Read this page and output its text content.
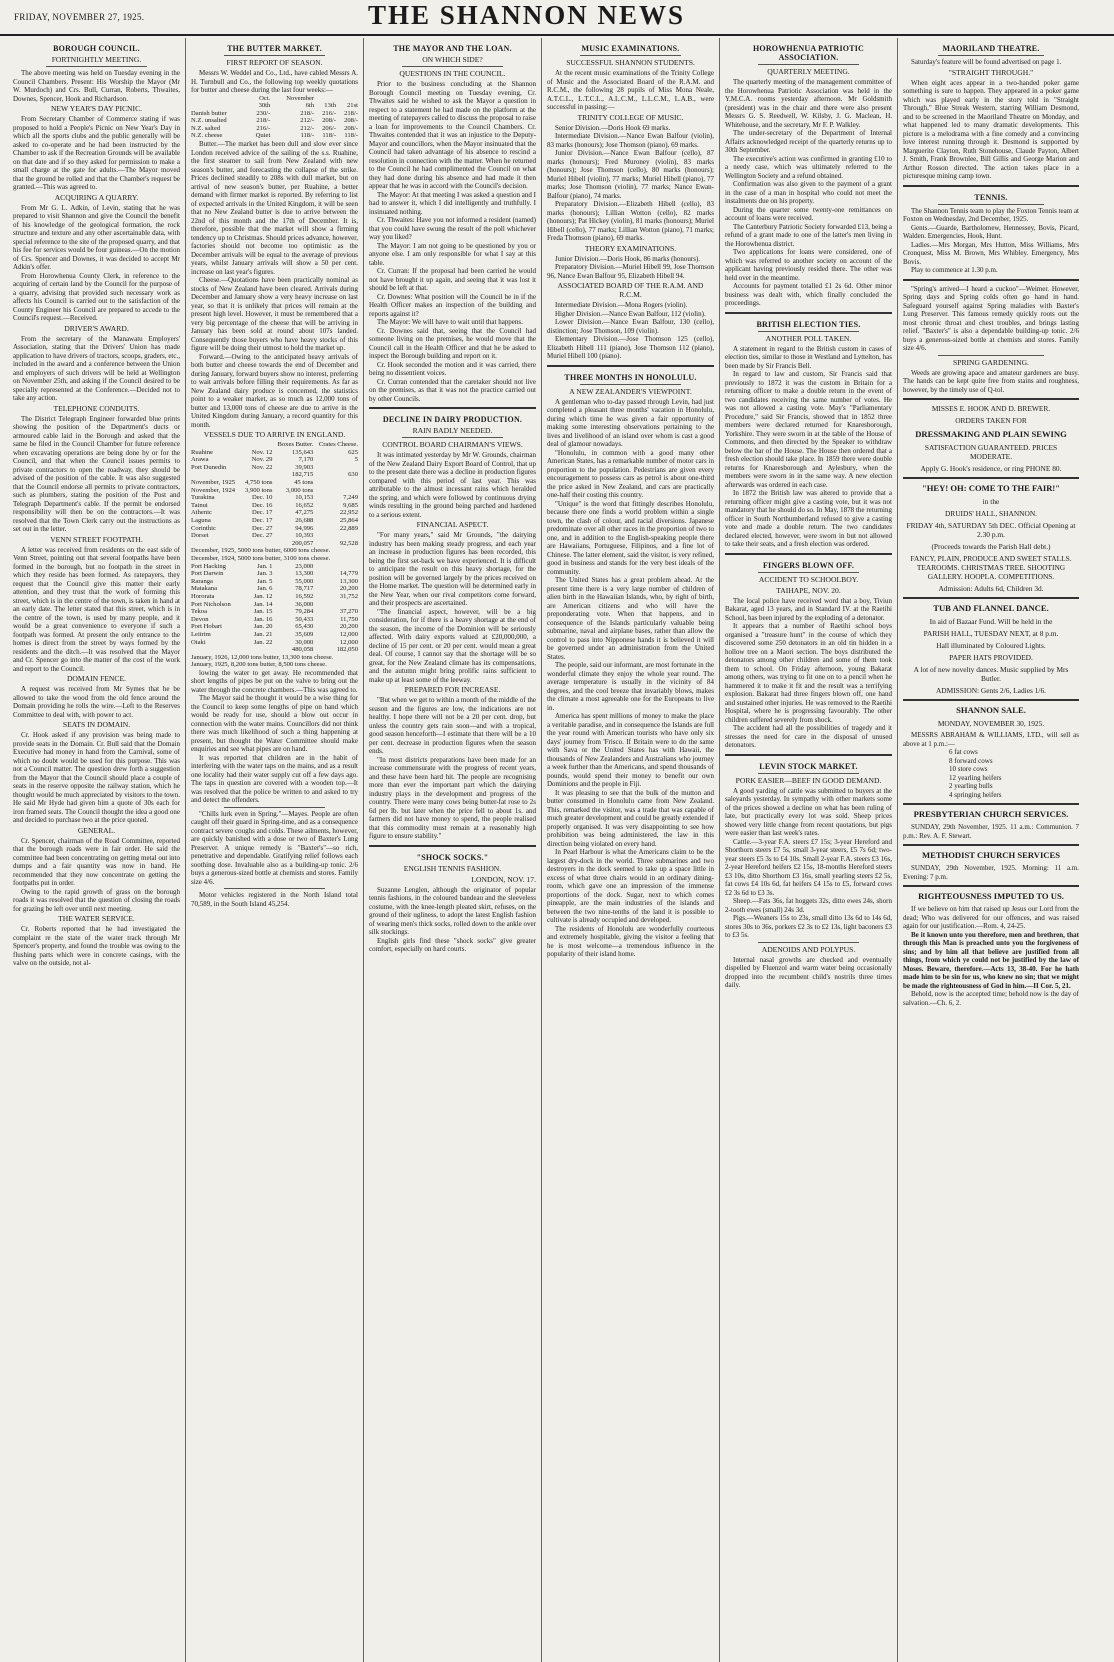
FRIDAY, NOVEMBER 27, 1925.	THE SHANNON NEWS
BOROUGH COUNCIL.
FORTNIGHTLY MEETING.

The above meeting was held on Tuesday evening in the Council Chambers. Present: His Worship the Mayor (Mr W. Murdoch) and Crs. Bull, Curran, Roberts, Thwaites, Downes, Spencer, Hook and Richardson.

NEW YEAR'S DAY PICNIC.

From Secretary Chamber of Commerce stating if was proposed to hold a People's Picnic on New Year's Day in which all the sports clubs and the public generally will be asked to co-operate and he had been instructed by the Chamber to ask if the Recreation Grounds will be available on that date and if so they asked for permission to make a small charge at the gate for adults.—The Mayor moved that the ground be rolled and that the Chamber's request be granted.—This was agreed to.

ACQUIRING A QUARRY.

From Mr G. L. Adkin, of Levin, stating that he was prepared to visit Shannon and give the Council the benefit of his knowledge of the geological formation, the rock structure and texture and any other ascertainable data, with special reference to the site of the proposed quarry, and that his fee for services would be four guineas.—On the motion of Crs. Spencer and Downes, it was decided to accept Mr Adkin's offer.

From Horowhenua County Clerk, in reference to the acquiring of certain land by the Council for the purpose of a quarry, advising that provided such necessary work as affects his Council is carried out to the satisfaction of the County Engineer his Council are prepared to accede to the Council's request.—Received.

DRIVER'S AWARD.

From the secretary of the Manawatu Employers' Association, stating that the Drivers' Union has made application to have drivers of tractors, scoops, graders, etc., included in the award and a conference between the Union and employers of such drivers will be held at Wellington on November 25th, and asking if the Council desired to be specially represented at the Conference.—Decided not to take any action.

TELEPHONE CONDUITS.

The District Telegraph Engineer forwarded blue prints showing the position of the Department's ducts or armoured cable laid in the Borough and asked that the same be filed in the Council Chamber for future reference when excavating operations are being done by or for the Council, and that when the Council issues permits to private contractors to open the roadway, they should be advised of the position of the cable. It was also suggested that the Council endorse all permits to private contractors, such as plumbers, stating the position of the Post and Telegraph Department's cable. If the permit be endorsed responsibility will then be on the contractors.—It was resolved that the Town Clerk carry out the instructions as set out in the letter.

VENN STREET FOOTPATH.

A letter was received from residents on the east side of Venn Street, pointing out that several footpaths have been formed in the borough, but no footpath in the street in which they reside has been formed. As ratepayers, they request that the Council give this matter their early attention, and they trust that the work of forming this street, which is in the centre of the town, is taken in hand at an early date. The letter stated that this street, which is in the centre of the town, is used by many people, and it would be a great convenience to everyone if such a footpath was formed. At present the only entrance to the homes is direct from the street by ways formed by the residents and the ditch.—It was resolved that the Mayor and Cr. Spencer go into the matter of the cost of the work and report to the Council.

DOMAIN FENCE.

A request was received from Mr Symes that he be allowed to take the wood from the old fence around the Domain providing he rolls the wire.—Left to the Reserves Committee to deal with, with power to act.

SEATS IN DOMAIN.

Cr. Hook asked if any provision was being made to provide seats in the Domain. Cr. Bull said that the Domain Executive had money in hand from the Carnival, some of which no doubt would be used for this purpose. This was not a Council matter. The question drew forth a suggestion from the Mayor that the Council should place a couple of seats in the reserve opposite the railway station, which he thought would be much appreciated by visitors to the town. He said Mr Hyde had given him a quote of 30s each for iron framed seats. The Council thought the idea a good one and decided to purchase two at the price quoted.

GENERAL.

Cr. Spencer, chairman of the Road Committee, reported that the borough roads were in fair order. He said the committee had been concentrating on getting metal out into dumps and a fair quantity was now in hand. He recommended that they now concentrate on getting the footpaths put in order.

Owing to the rapid growth of grass on the borough roads it was resolved that the question of closing the roads for grazing be left over until next meeting.

THE WATER SERVICE.

Cr. Roberts reported that he had investigated the complaint re the state of the water track through Mr Spencer's property, and found the trouble was owing to the flushing parts which were in concrete casings, with the valve on the outside, not al-

THE BUTTER MARKET.
FIRST REPORT OF SEASON.

Messrs W. Weddel and Co., Ltd., have cabled Messrs A. H. Turnbull and Co., the following top weekly quotations for butter and cheese during the last four weeks:—

	Oct.	November		
	30th	6th	13th	21st
Danish butter	230/-	218/-	216/-	218/-
N.Z. unsalted	218/-	212/-	208/-	208/-
N.Z. salted	216/-	212/-	206/-	208/-
N.Z. cheese	Quiet	118/-	118/-	118/-

Butter.—The market has been dull and slow ever since London received advice of the sailing of the s.s. Ruahine, the first steamer to sail from New Zealand with new season's butter, and forecasting the collapse of the strike. Prices declined steadily to 208s with dull market, but on arrival of new season's butter, per Ruahine, a better demand with firmer market is reported. By referring to list of expected arrivals in the United Kingdom, it will be seen that no New Zealand butter is due to arrive between the 22nd of this month and the 17th of December. It is, therefore, possible that the market will show a firming tendency up to Christmas. Should prices advance, however, factories should not become too optimistic as the December arrivals will be equal to the average of previous years, whilst January arrivals will show a 50 per cent. increase on last year's figures.

Cheese.—Quotations have been practically nominal as stocks of New Zealand have been cleared. Arrivals during December and January show a very heavy increase on last year, so that it is unlikely that prices will remain at the present high level. However, it must be remembered that a very big percentage of the cheese that will be arriving in January has been sold at round about 107s landed. Consequently those buyers who have heavy stocks of this figure will be doing their utmost to hold the market up.

Forward.—Owing to the anticipated heavy arrivals of both butter and cheese towards the end of December and during January, forward buyers show no interest, preferring to wait arrivals before filling their requirements. As far as New Zealand dairy produce is concerned, the statistics point to a weaker market, as so much as 12,000 tons of butter and 13,000 tons of cheese are due to arrive in the United Kingdom during January, a record quantity for this month.

VESSELS DUE TO ARRIVE IN ENGLAND.
		Boxes Butter.	Crates Cheese.
Ruahine	Nov. 12	135,643	625
Arawa	Nov. 29	7,170	5
Port Dunedin	Nov. 22	39,903	
		182,715	630
November, 1925	4,750 tons	45 tons	
November, 1924	3,900 tons	3,000 tons	
Turakina	Dec. 10	10,153	7,249
Tainui	Dec. 16	16,652	9,685
Athenic	Dec. 17	47,275	22,952
Laguna	Dec. 17	26,688	25,864
Corinthic	Dec. 27	94,996	22,889
Dorset	Dec. 27	10,393	
		200,057	92,528
December, 1925, 5000 tons butter, 6000 tons cheese.			
December, 1924, 5000 tons butter, 3100 tons cheese.			
Port Hacking	Jan. 1	23,000	
Port Darwin	Jan. 3	13,300	14,779
Raranga	Jan. 5	55,000	13,300
Matakana	Jan. 6	78,717	20,200
Hororata	Jan. 12	16,592	31,752
Port Nicholson	Jan. 14	36,000	
Tekoa	Jan. 15	79,284	37,270
Devon	Jan. 16	50,433	11,750
Port Hobart	Jan. 20	65,430	20,200
Leitrim	Jan. 21	35,609	12,000
Otaki	Jan. 22	30,000	12,000
		480,058	182,050
January, 1926, 12,000 tons butter, 13,300 tons cheese.			
January, 1925, 8,200 tons butter, 8,500 tons cheese.			

lowing the water to get away. He recommended that short lengths of pipes be put on the valve to bring out the water through the concrete chambers.—This was agreed to.

The Mayor said he thought it would be a wise thing for the Council to keep some lengths of pipe on hand which would be ready for use, should a blow out occur in connection with the water mains. Councillors did not think there was much likelihood of such a thing happening at present, but thought the Water Committee should make enquiries and see what pipes are on hand.

It was reported that children are in the habit of interfering with the water taps on the mains, and as a result one locality had their water supply cut off a few days ago. The taps in question are covered with a wooden top.—It was resolved that the police be written to and asked to try and detect the offenders.

"Chills lurk even in Spring."—Mayes. People are often caught off their guard in Spring-time, and as a consequence contract severe coughs and colds. These ailments, however, are quickly banished with a dose or two of Baxter's Lung Preserver. A unique remedy is "Baxter's"—so rich, penetrative and dependable. Gratifying relief follows each soothing dose. Invaluable also as a building-up tonic. 2/6 buys a generous-sized bottle at chemists and stores. Family size 4/6.

Motor vehicles registered in the North Island total 70,589, in the South Island 45,254.

THE MAYOR AND THE LOAN.
ON WHICH SIDE?
QUESTIONS IN THE COUNCIL.

Prior to the business concluding at the Shannon Borough Council meeting on Tuesday evening, Cr. Thwaites said he wished to ask the Mayor a question in respect to a statement he had made on the platform at the meeting of ratepayers called to discuss the proposal to raise a loan for improvements to the Council Chambers. Cr. Thwaites contended that it was an injustice to the Deputy-Mayor and councillors, when the Mayor insinuated that the Council had taken advantage of his absence to rescind a resolution in connection with the matter. When he returned to the Council he had complimented the Council on what they had done during his absence and had made it then appear that he was in accord with the Council's decision.

The Mayor: At that meeting I was asked a question and I had to answer it, which I did intelligently and truthfully. I insinuated nothing.

Cr. Thwaites: Have you not informed a resident (named) that you could have swung the result of the poll whichever way you liked?

The Mayor: I am not going to be questioned by you or anyone else. I am only responsible for what I say at this table.

Cr. Curran: If the proposal had been carried he would not have brought it up again, and seeing that it was lost it should be left at that.

Cr. Downes: What position will the Council be in if the Health Officer makes an inspection of the building and reports against it?

The Mayor: We will have to wait until that happens.

Cr. Downes said that, seeing that the Council had someone living on the premises, he would move that the Council call in the Health Officer and that he be asked to inspect the Borough building and report on it.

Cr. Hook seconded the motion and it was carried, there being no dissentient voices.

Cr. Curran contended that the caretaker should not live on the premises, as that it was not the practice carried out by other Councils.

DECLINE IN DAIRY PRODUCTION.
RAIN BADLY NEEDED.
CONTROL BOARD CHAIRMAN'S VIEWS.

It was intimated yesterday by Mr W. Grounds, chairman of the New Zealand Dairy Export Board of Control, that up to the present date there was a decline in production figures compared with this period of last year. This was attributable to the almost incessant rains which heralded the spring, and which were followed by continuous drying winds resulting in the ground being parched and hardened to a serious extent.

FINANCIAL ASPECT.

"For many years," said Mr Grounds, "the dairying industry has been making steady progress, and each year an increase in production figures has been recorded, this being the first set-back we have experienced. It is difficult to anticipate the result on this heavy shortage, for the position will be governed largely by the prices received on the Home market. The question will be determined early in the New Year, when our rival competitors come forward, and their prospects are ascertained.

"The financial aspect, however, will be a big consideration, for if there is a heavy shortage at the end of the season, the income of the Dominion will be seriously affected. With dairy exports valued at £20,000,000, a decline of 15 per cent. or 20 per cent. would mean a great deal. Of course, I cannot say that the shortage will be so great, for the New Zealand climate has its compensations, and the autumn might bring prolific rains sufficient to make up at least some of the leeway.

PREPARED FOR INCREASE.

"But when we get to within a month of the middle of the season and the figures are low, the indications are not healthy. I hope there will not be a 20 per cent. drop, but unless the country gets rain soon—and with a tropical, good season henceforth—I estimate that there will be a 10 per cent. decrease in production figures when the season ends.

"In most districts preparations have been made for an increase commensurate with the progress of recent years, and these have been hard hit. The people are recognising more than ever the important part which the dairying industry plays in the development and progress of the country. There were many cows being butter-fat rose to 2s 6d per lb. but later when the price fell to about 1s. and farmers did not have money to spend, the people realised that this commodity must remain at a reasonably high figure to ensure stability."

"SHOCK SOCKS."
ENGLISH TENNIS FASHION.
LONDON, NOV. 17.

Suzanne Lenglen, although the originator of popular tennis fashions, in the coloured bandeau and the sleeveless costume, with the knee-length pleated skirt, refuses, on the ground of their ugliness, to adopt the latest English fashion of wearing men's thick socks, rolled down to the ankle over silk stockings.

English girls find these "shock socks" give greater comfort, especially on hard courts.

MUSIC EXAMINATIONS.
SUCCESSFUL SHANNON STUDENTS.

At the recent music examinations of the Trinity College of Music and the Associated Board of the R.A.M. and R.C.M., the following 28 pupils of Miss Mona Neale, A.T.C.L., L.T.C.L., A.L.C.M., L.L.C.M., L.A.B., were successful in passing:—

TRINITY COLLEGE OF MUSIC.

Senior Division.—Doris Hook 69 marks.

Intermediate Division.—Nance Ewan Balfour (violin), 83 marks (honours); Jose Thomson (piano), 69 marks.

Junior Division.—Nance Ewan Balfour (cello), 87 marks (honours); Fred Muroney (violin), 83 marks (honours); Jose Thomson (cello), 80 marks (honours); Muriel Hibell (violin), 77 marks; Muriel Hibell (piano), 77 marks; Jose Thomson (violin), 77 marks; Nance Ewan-Balfour (piano), 74 marks.

Preparatory Division.—Elizabeth Hibell (cello), 83 marks (honours); Lillian Wotton (cello), 82 marks (honours); Pat Hickey (violin), 81 marks (honours); Muriel Hibell (cello), 77 marks; Lillian Wotton (piano), 71 marks; Freda Thomson (piano), 69 marks.

THEORY EXAMINATIONS.

Junior Division.—Doris Hook, 86 marks (honours).

Preparatory Division.—Muriel Hibell 99, Jose Thomson 96, Nance Ewan Balfour 95, Elizabeth Hibell 94.

ASSOCIATED BOARD OF THE R.A.M. AND R.C.M.

Intermediate Division.—Mona Rogers (violin).

Higher Division.—Nance Ewan Balfour, 112 (violin).

Lower Division.—Nance Ewan Balfour, 130 (cello), distinction; Jose Thomson, 109 (violin).

Elementary Division.—Jose Thomson 125 (cello), Elizabeth Hibell 111 (piano), Jose Thomson 112 (piano), Muriel Hibell 100 (piano).

THREE MONTHS IN HONOLULU.
A NEW ZEALANDER'S VIEWPOINT.

A gentleman who to-day passed through Levin, had just completed a pleasant three months' vacation in Honolulu, during which time he was given a fair opportunity of making some interesting observations pertaining to the lives and livelihood of an island over whom is cast a good deal of glamour nowadays.

"Honolulu, in common with a good many other American States, has a remarkable number of motor cars in proportion to the population. Pedestrians are given every encouragement to possess cars as petrol is about one-third the price asked in New Zealand, and cars are practically one-half their costing this country.

"Unique" is the word that fittingly describes Honolulu, because there one finds a world problem within a single town, the clash of colour, and racial diversions. Japanese predominate over all other races in the proportion of two to one, and in addition to the English-speaking people there are Hawaiians, Portuguese, Filipinos, and a fine lot of Chinese. The latter element, said the visitor, is very refined, good in business and stands for the very best ideals of the community.

The United States has a great problem ahead. At the present time there is a very large number of children of alien birth in the Hawaiian Islands, who, by right of birth, are American citizens and who will have the preponderating vote. When that happens, and in consequence of the Islands particularly valuable being submarine, naval and airplane bases, rather than allow the control to pass into Nipponese hands it is believed it will be governed under an administration from the United States.

The people, said our informant, are most fortunate in the wonderful climate they enjoy the whole year round. The average temperature is usually in the vicinity of 84 degrees, and the cool breeze that invariably blows, makes the climate a most agreeable one for the Europeans to live in.

America has spent millions of money to make the place a veritable paradise, and in consequence the Islands are full the year round with American tourists who have only six days' journey from 'Frisco. If Britain were to do the same with Sava or the United States has with Hawaii, the thousands of New Zealanders and Australians who journey a week further than the Americans, and spend thousands of pounds, would spend their money to benefit our own Dominions and the people in Fiji.

It was pleasing to see that the bulk of the mutton and butter consumed in Honolulu came from New Zealand. This, remarked the visitor, was a trade that was capable of much greater development and could be greatly extended if properly organised. It was very disappointing to see how prohibition was being administered, the law in this direction being violated on every hand.

In Pearl Harbour is what the Americans claim to be the largest dry-dock in the world. Three submarines and two destroyers in the dock seemed to take up a space little in excess of what three chairs would in an ordinary dining-room, which gave one an impression of the immense proportions of the dock. Sugar, next to which comes pineapple, are the main industries of the islands and between the two nine-tenths of the land it is possible to cultivate is already occupied and developed.

The residents of Honolulu are wonderfully courteous and extremely hospitable, giving the visitor a feeling that he is most welcome—a tremendous influence in the popularity of their island home.

HOROWHENUA PATRIOTIC ASSOCIATION.
QUARTERLY MEETING.

The quarterly meeting of the management committee of the Horowhenua Patriotic Association was held in the Y.M.C.A. rooms yesterday afternoon. Mr Goldsmith (president) was in the chair and there were also present Messrs G. S. Reedwell, W. Kilsby, J. G. Maclean, H. Whitehouse, and the secretary, Mr F. P. Walkley.

The under-secretary of the Department of Internal Affairs acknowledged receipt of the quarterly returns up to 30th September.

The executive's action was confirmed in granting £10 to a needy case, which was ultimately referred to the Wellington Society and a refund obtained.

Confirmation was also given to the payment of a grant in the case of a man in hospital who could not meet the instalments due on his property.

During the quarter some twenty-one remittances on account of loans were received.

The Canterbury Patriotic Society forwarded £13, being a refund of a grant made to one of the latter's men living in the Horowhenua district.

Two applications for loans were considered, one of which was referred to another society on account of the applicant having previously resided there. The other was held over in the meantime.

Accounts for payment totalled £1 2s 6d. Other minor business was dealt with, which finally concluded the proceedings.

BRITISH ELECTION TIES.
ANOTHER POLL TAKEN.

A statement in regard to the British custom in cases of election ties, similar to those in Westland and Lyttelton, has been made by Sir Francis Bell.

In regard to law and custom, Sir Francis said that previously to 1872 it was the custom in Britain for a returning officer to make a double return in the event of two candidates receiving the same number of votes. He was not allowed a casting vote. May's "Parliamentary Procedure," said Sir Francis, showed that in 1852 three members were declared returned for Knaresborough, Yorkshire. They were sworn in at the table of the House of Commons, and then directed by the Speaker to withdraw below the bar of the House. The House then ordered that a fresh election should take place. In 1859 there were double returns for Knaresborough and Aylesbury, when the members were sworn in in the same way. A new election afterwards was ordered in each case.

In 1872 the British law was altered to provide that a returning officer might give a casting vote, but it was not mandatory that he should do so. In May, 1878 the returning officer in South Northumberland refused to give a casting vote and made a double return. The two candidates declared elected, however, were sworn in but not allowed to take their seats, and a fresh election was ordered.

FINGERS BLOWN OFF.
ACCIDENT TO SCHOOLBOY.
TAIHAPE, NOV. 20.

The local police have received word that a boy, Tiviun Bakarat, aged 13 years, and in Standard IV. at the Raetihi School, has been injured by the exploding of a detonator.

It appears that a number of Raetihi school boys organised a "treasure hunt" in the course of which they discovered some 250 detonators in an old tin hidden in a hollow tree on a Maori section. The boys distributed the detonators among other children and some of them took them to school. On Friday afternoon, young Bakarat among others, was trying to fit one on to a pencil when he hammered it to make it fit and the result was a terrifying explosion. Bakarat had three fingers blown off, one hand and sustained other injuries. He was removed to the Raetihi Hospital, where he is progressing favourably. The other children suffered severely from shock.

The accident had all the possibilities of tragedy and it stresses the need for care in the disposal of unused detonators.

LEVIN STOCK MARKET.
PORK EASIER—BEEF IN GOOD DEMAND.

A good yarding of cattle was submitted to buyers at the saleyards yesterday. In sympathy with other markets some of the prices showed a decline on what has been ruling of late, but practically every lot was sold. Sheep prices showed very little change from recent quotations, but pigs were easier than last week's rates.

Cattle.—3-year F.A. steers £7 15s; 3-year Hereford and Shorthorn steers £7 5s, small 3-year steers, £5 7s 6d; two-year steers £5 3s to £4 10s. Small 2-year F.A. steers £3 16s, 2-year Hereford heifers £2 15s, 18-months Hereford steers £3 10s, ditto Shorthorn £3 16s, small yearling steers £2 5s, fat cows £4 10s 6d, fat heifers £4 15s to £5, forward cows £2 3s 6d to £3 3s.

Sheep.—Fats 36s, fat hoggets 32s, ditto ewes 24s, shorn 2-tooth ewes (small) 24s 3d.

Pigs.—Weaners 15s to 23s, small ditto 13s 6d to 14s 6d, stores 30s to 36s, porkers £2 3s to £2 13s, light baconers £3 to £3 5s.

ADENOIDS AND POLYPUS.

Internal nasal growths are checked and eventually dispelled by Fluenzol and warm water being occasionally dropped into the recumbent child's nostrils three times daily.

MAORILAND THEATRE.

Saturday's feature will be found advertised on page 1.

"STRAIGHT THROUGH."

When eight aces appear in a two-handed poker game something is sure to happen. They appeared in a poker game which was played early in the story told in "Straight Through," Blue Streak Western, starring William Desmond, and to be screened in the Maoriland Theatre on Monday, and what happened led to many dramatic developments. This picture is a melodrama with a fine comedy and a convincing love interest running through it. Desmond is supported by Marguerite Clayton, Ruth Stonehouse, Claude Payton, Albert J. Smith, Frank Brownlee, Bill Gillis and George Marion and Arthur Rosson directed. The action takes place in a picturesque mining camp town.

TENNIS.

The Shannon Tennis team to play the Foxton Tennis team at Foxton on Wednesday, 2nd December, 1925.

Gents.—Guarde, Bartholomew, Hennessey, Bovis, Picard, Walden. Emergencies, Hook, Hunt.

Ladies.—Mrs Morgan, Mrs Hutton, Miss Williams, Mrs Cronquest, Miss M. Brown, Mrs Whibley. Emergency, Mrs Bovis.

Play to commence at 1.30 p.m.

"Spring's arrived—I heard a cuckoo"—Weimer. However, Spring days and Spring colds often go hand in hand. Safeguard yourself against Spring maladies with Baxter's Lung Preserver. This famous remedy quickly roots out the most chronic throat and chest troubles, and brings lasting relief. "Baxter's" is also a dependable building-up tonic. 2/6 buys a generous-sized bottle at chemists and stores. Family size 4/6.

SPRING GARDENING.

Weeds are growing apace and amateur gardeners are busy. The hands can be kept quite free from stains and roughness, however, by the timely use of Q-tol.

MISSES E. HOOK AND D. BREWER.
ORDERS TAKEN FOR
DRESSMAKING AND PLAIN SEWING
SATISFACTION GUARANTEED. PRICES MODERATE.
Apply G. Hook's residence, or ring PHONE 80.
"HEY! OH: COME TO THE FAIR!"
in the
DRUIDS' HALL, SHANNON.
FRIDAY 4th, SATURDAY 5th DEC. Official Opening at 2.30 p.m.
(Proceeds towards the Parish Hall debt.)
FANCY, PLAIN, PRODUCE AND SWEET STALLS. TEAROOMS. CHRISTMAS TREE. SHOOTING GALLERY. HOOPLA. COMPETITIONS.
Admission: Adults 6d, Children 3d.
TUB AND FLANNEL DANCE.
In aid of Bazaar Fund. Will be held in the
PARISH HALL, TUESDAY NEXT, at 8 p.m.
Hall illuminated by Coloured Lights.
PAPER HATS PROVIDED.
A lot of new novelty dances. Music supplied by Mrs Butler.
ADMISSION: Gents 2/6, Ladies 1/6.
SHANNON SALE.
MONDAY, NOVEMBER 30, 1925.

MESSRS ABRAHAM & WILLIAMS, LTD., will sell as above at 1 p.m.:—

6 fat cows
8 forward cows
10 store cows
12 yearling heifers
2 yearling bulls
4 springing heifers
PRESBYTERIAN CHURCH SERVICES.

SUNDAY, 29th November, 1925. 11 a.m.: Communion. 7 p.m.: Rev. A. F. Stewart.

METHODIST CHURCH SERVICES

SUNDAY, 29th November, 1925. Morning: 11 a.m. Evening: 7 p.m.

RIGHTEOUSNESS IMPUTED TO US.

If we believe on him that raised up Jesus our Lord from the dead; Who was delivered for our offences, and was raised again for our justification.—Rom. 4, 24-25.

Be it known unto you therefore, men and brethren, that through this Man is preached unto you the forgiveness of sins; and by him all that believe are justified from all things, from which ye could not be justified by the law of Moses. Beware, therefore.—Acts 13, 38-40. For he hath made him to be sin for us, who knew no sin; that we might be made the righteousness of God in him.—II Cor. 5, 21.

Behold, now is the accepted time; behold now is the day of salvation.—Ch. 6, 2.
